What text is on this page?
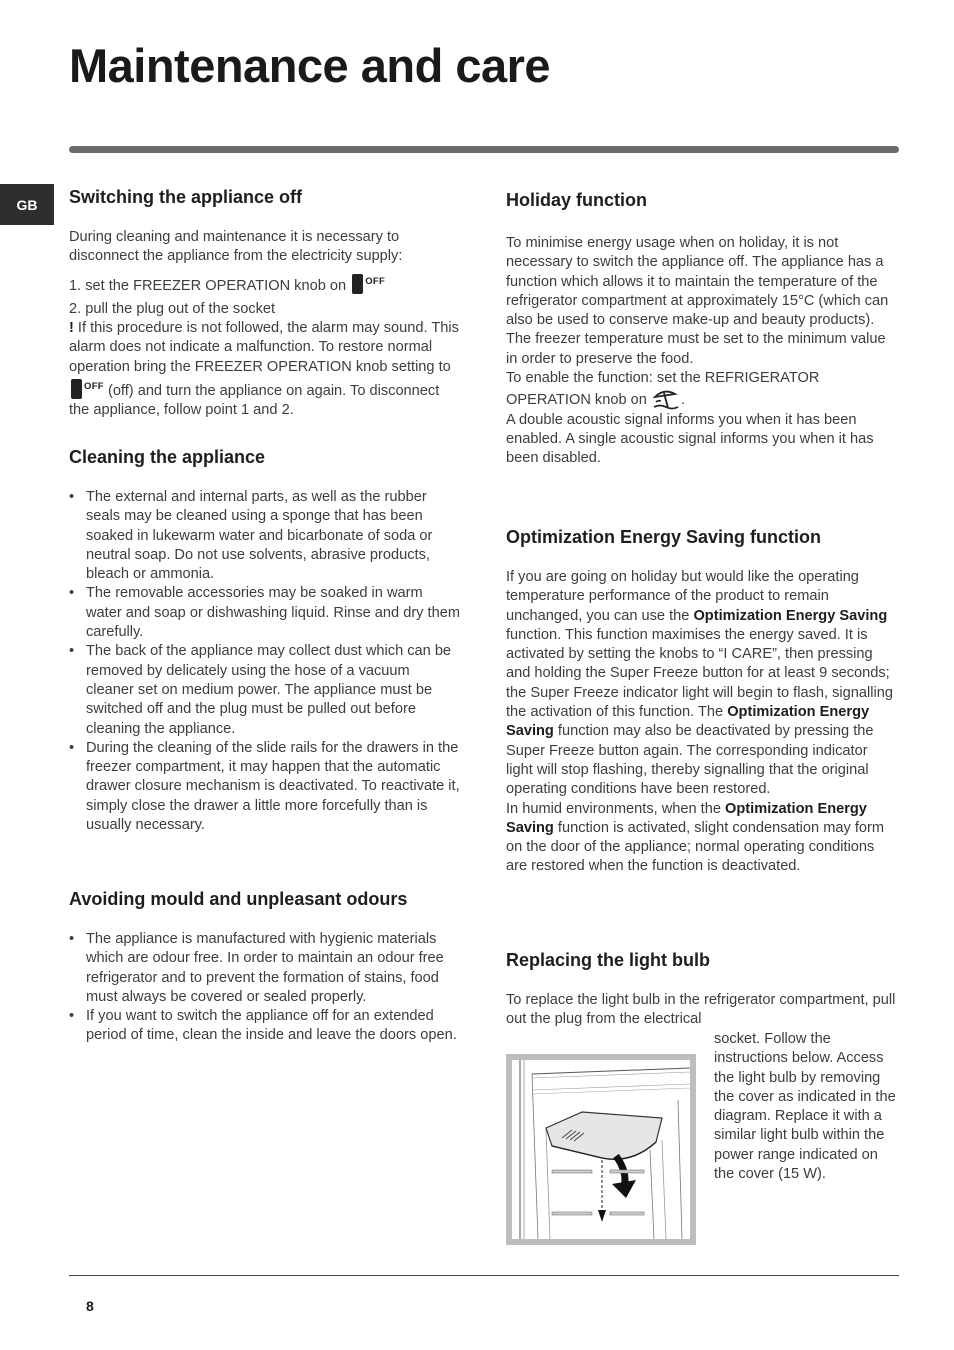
Maintenance and care
GB	Switching the appliance off

During cleaning and maintenance it is necessary to disconnect the appliance from the electricity supply:

1. set the FREEZER OPERATION knob on $^{OFF}$

2. pull the plug out of the socket

! If this procedure is not followed, the alarm may sound. This alarm does not indicate a malfunction. To restore normal operation bring the FREEZER OPERATION knob setting to $^{OFF}$ (off) and turn the appliance on again. To disconnect the appliance, follow point 1 and 2.

Cleaning the appliance
• The external and internal parts, as well as the rubber seals may be cleaned using a sponge that has been soaked in lukewarm water and bicarbonate of soda or neutral soap. Do not use solvents, abrasive products, bleach or ammonia.
• The removable accessories may be soaked in warm water and soap or dishwashing liquid. Rinse and dry them carefully.
• The back of the appliance may collect dust which can be removed by delicately using the hose of a vacuum cleaner set on medium power. The appliance must be switched off and the plug must be pulled out before cleaning the appliance.
• During the cleaning of the slide rails for the drawers in the freezer compartment, it may happen that the automatic drawer closure mechanism is deactivated. To reactivate it, simply close the drawer a little more forcefully than is usually necessary.
Avoiding mould and unpleasant odours
• The appliance is manufactured with hygienic materials which are odour free. In order to maintain an odour free refrigerator and to prevent the formation of stains, food must always be covered or sealed properly.
• If you want to switch the appliance off for an extended period of time, clean the inside and leave the doors open.
Holiday function

To minimise energy usage when on holiday, it is not necessary to switch the appliance off. The appliance has a function which allows it to maintain the temperature of the refrigerator compartment at approximately 15°C (which can also be used to conserve make-up and beauty products). The freezer temperature must be set to the minimum value in order to preserve the food.

To enable the function: set the REFRIGERATOR OPERATION knob on .

A double acoustic signal informs you when it has been enabled. A single acoustic signal informs you when it has been disabled.

Optimization Energy Saving function

If you are going on holiday but would like the operating temperature performance of the product to remain unchanged, you can use the Optimization Energy Saving function. This function maximises the energy saved. It is activated by setting the knobs to “I CARE”, then pressing and holding the Super Freeze button for at least 9 seconds; the Super Freeze indicator light will begin to flash, signalling the activation of this function. The Optimization Energy Saving function may also be deactivated by pressing the Super Freeze button again. The corresponding indicator light will stop flashing, thereby signalling that the original operating conditions have been restored.

In humid environments, when the Optimization Energy Saving function is activated, slight condensation may form on the door of the appliance; normal operating conditions are restored when the function is deactivated.

Replacing the light bulb

To replace the light bulb in the refrigerator compartment, pull out the plug from the electrical

socket. Follow the instructions below. Access the light bulb by removing the cover as indicated in the diagram. Replace it with a similar light bulb within the power range indicated on the cover (15 W).

8
